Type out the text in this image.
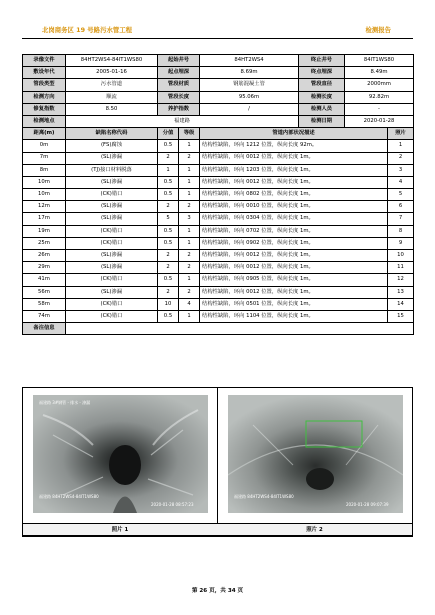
北岗商务区 19 号路污水管工程	检测报告
录像文件	84HT2WS4-84IT1WS80	起始井号		84HT2WS4	终止井号	84IT1WS80	
敷设年代	2005-01-16	起点埋深		8.69m	终点埋深	8.49m	
管段类型	污水管道	管段材质		钢筋混凝土管	管段直径	2000mm	
检测方向	顺流	管段长度		95.06m	检测长度	92.82m	
修复指数	8.50	养护指数		/	检测人员	-	
检测地点	福建路				检测日期	2020-01-28	
距离(m)	缺陷名称代码	分值	等级	管道内部状况描述			照片
0m	(FS)腐蚀	0.5	1	结构性缺陷，环向 1212 位置，纵向长度 92m。			1
7m	(SL)渗漏	2	2	结构性缺陷，环向 0012 位置，纵向长度 1m。			2
8m	(TJ)接口材料脱落	1	1	结构性缺陷，环向 1203 位置，纵向长度 1m。			3
10m	(SL)渗漏	0.5	1	结构性缺陷，环向 0012 位置，纵向长度 1m。			4
10m	(CK)错口	0.5	1	结构性缺陷，环向 0802 位置，纵向长度 1m。			5
12m	(SL)渗漏	2	2	结构性缺陷，环向 0010 位置，纵向长度 1m。			6
17m	(SL)渗漏	5	3	结构性缺陷，环向 0304 位置，纵向长度 1m。			7
19m	(CK)错口	0.5	1	结构性缺陷，环向 0702 位置，纵向长度 1m。			8
25m	(CK)错口	0.5	1	结构性缺陷，环向 0902 位置，纵向长度 1m。			9
26m	(SL)渗漏	2	2	结构性缺陷，环向 0012 位置，纵向长度 1m。			10
29m	(SL)渗漏	2	2	结构性缺陷，环向 0012 位置，纵向长度 1m。			11
41m	(CK)错口	0.5	1	结构性缺陷，环向 0905 位置，纵向长度 1m。			12
56m	(SL)渗漏	2	2	结构性缺陷，环向 0012 位置，纵向长度 1m。			13
58m	(CK)错口	10	4	结构性缺陷，环向 0501 位置，纵向长度 1m。			14
74m	(CK)错口	0.5	1	结构性缺陷，环向 1104 位置，纵向长度 1m。			15
备注信息							
福建路 3#钢管 - 排水 - 渗漏
福建路 84HT2WS4-84IT1WS80
2020-01-28 08:57:23
福建路 84HT2WS4-84IT1WS80
2020-01-28 09:07:39
照片 1	照片 2
第 26 页，共 34 页
